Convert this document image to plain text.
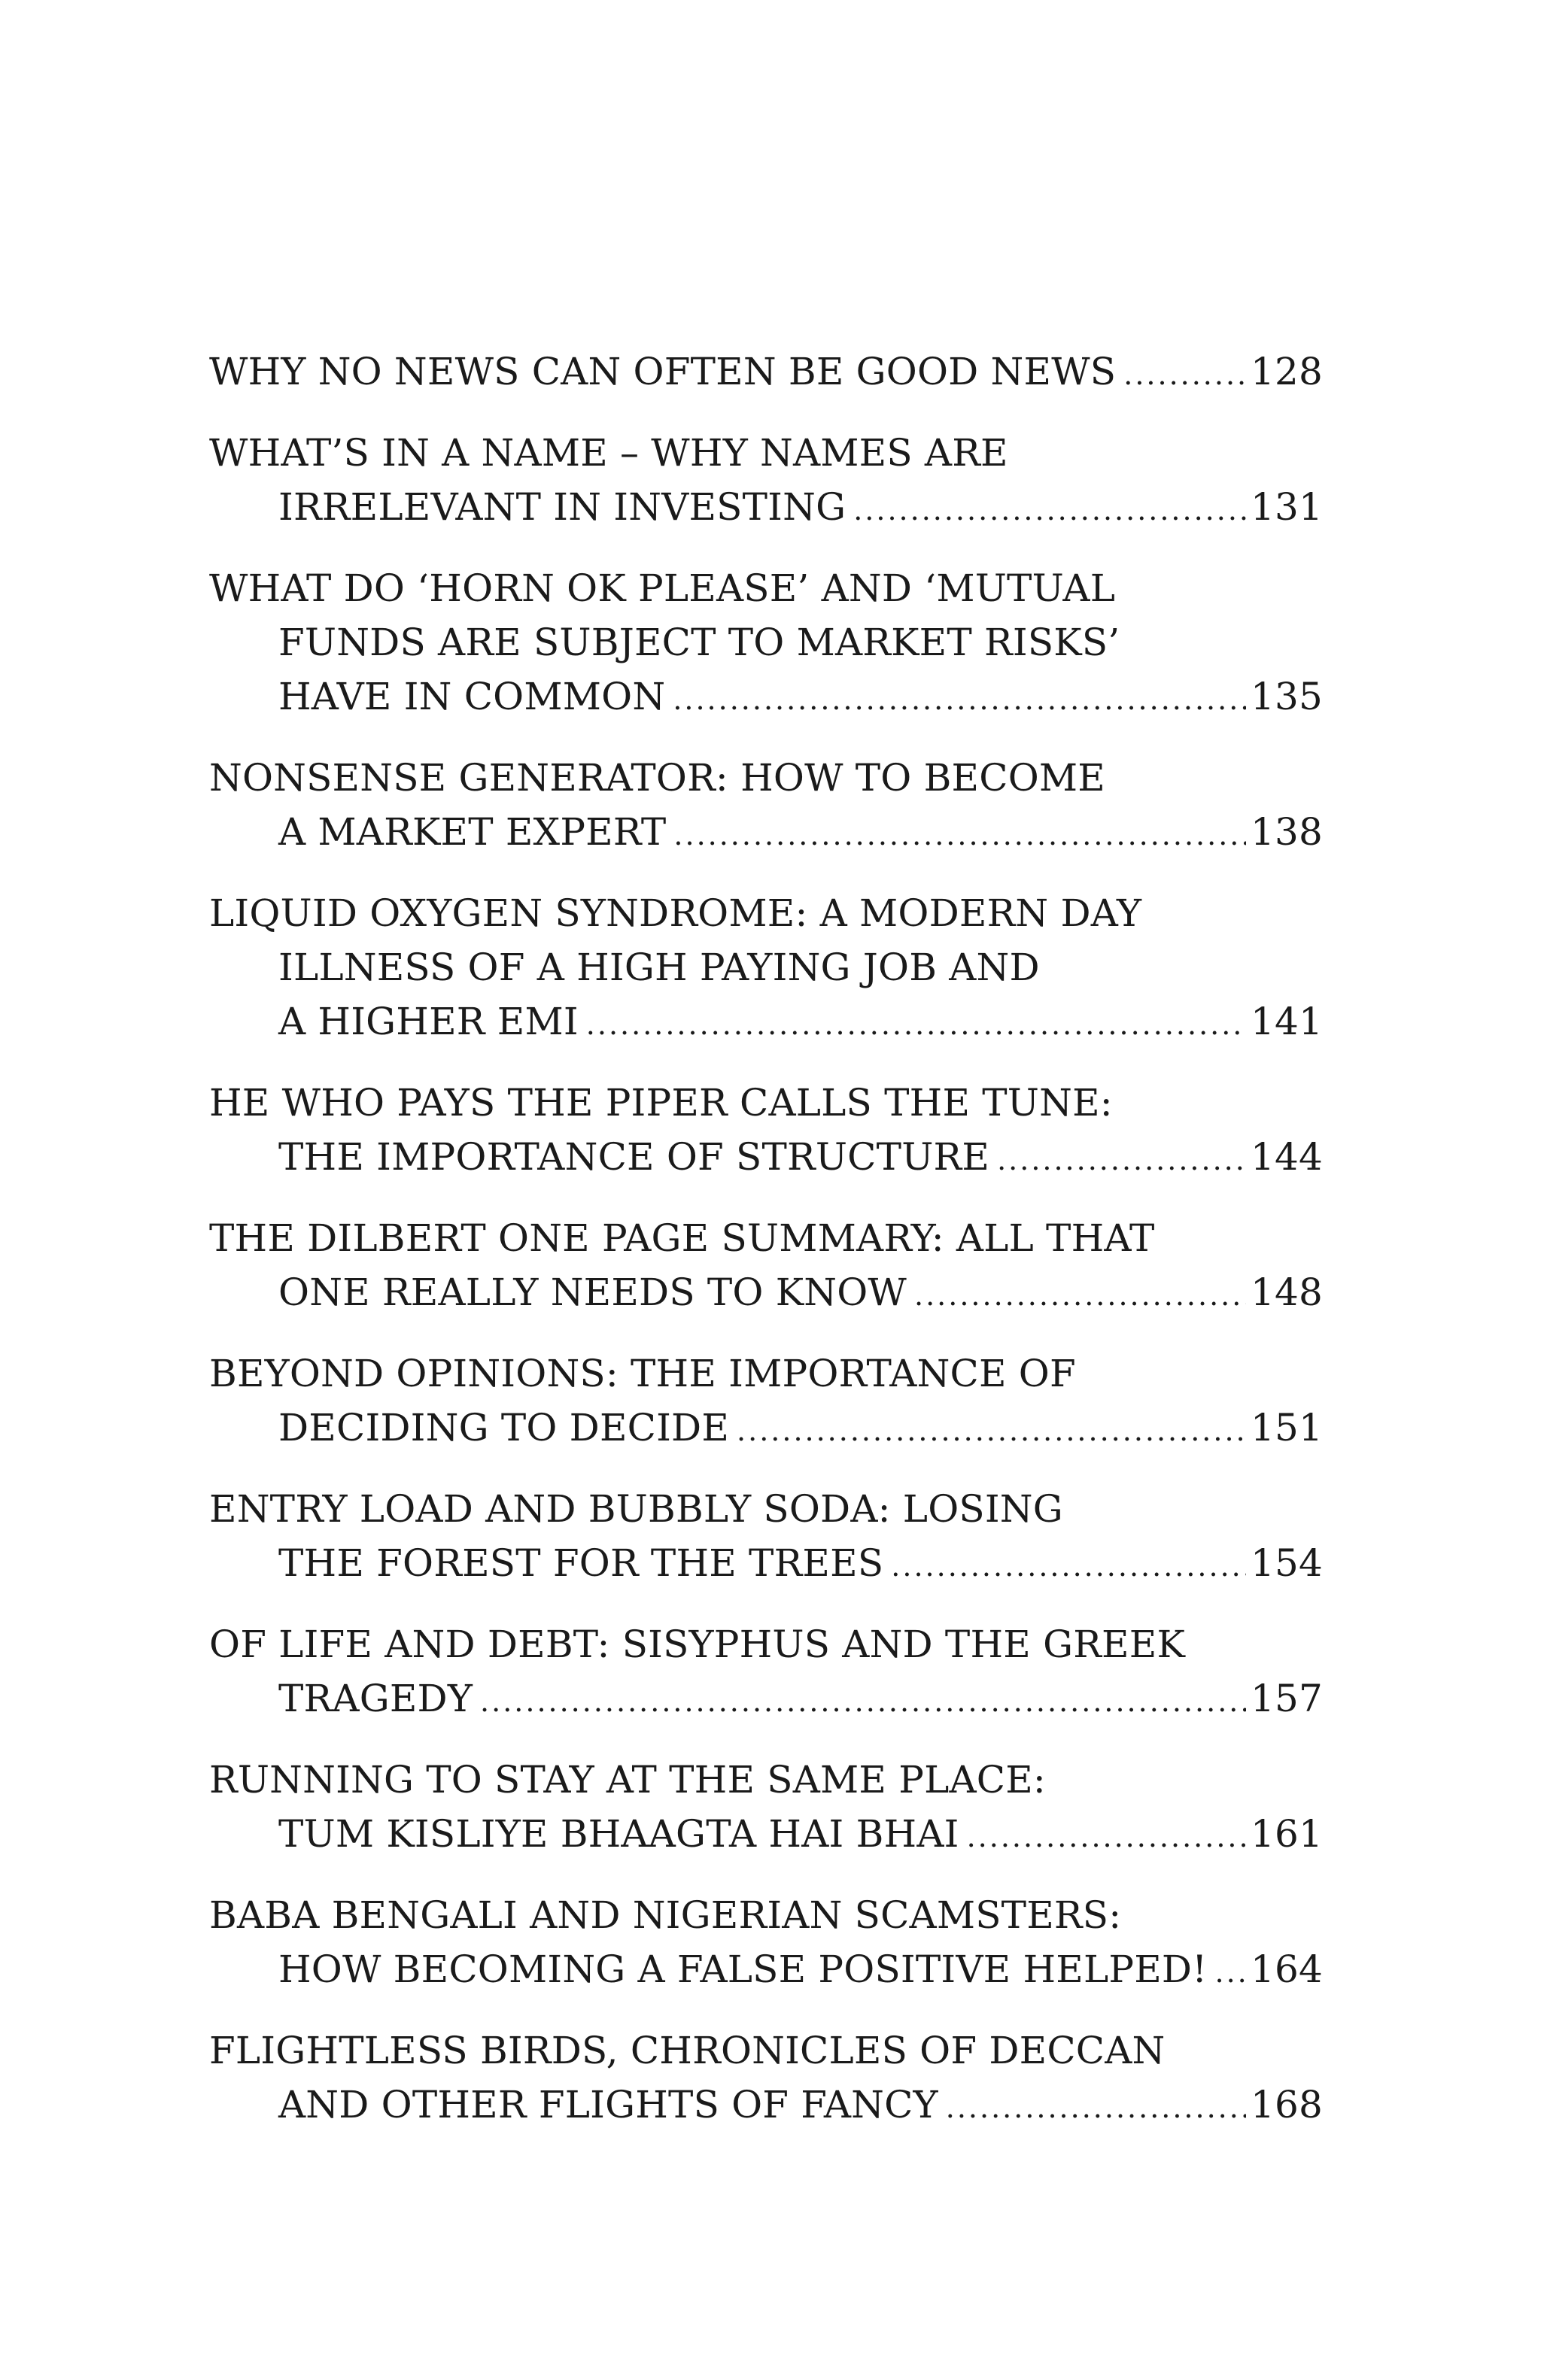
WHY NO NEWS CAN OFTEN BE GOOD NEWS .....	128
WHAT’S IN A NAME – WHY NAMES ARE
IRRELEVANT IN INVESTING .....	131
WHAT DO ‘HORN OK PLEASE’ AND ‘MUTUAL
FUNDS ARE SUBJECT TO MARKET RISKS’
HAVE IN COMMON .....	135
NONSENSE GENERATOR: HOW TO BECOME
A MARKET EXPERT .....	138
LIQUID OXYGEN SYNDROME: A MODERN DAY
ILLNESS OF A HIGH PAYING JOB AND
A HIGHER EMI .....	141
HE WHO PAYS THE PIPER CALLS THE TUNE:
THE IMPORTANCE OF STRUCTURE .....	144
THE DILBERT ONE PAGE SUMMARY: ALL THAT
ONE REALLY NEEDS TO KNOW .....	148
BEYOND OPINIONS: THE IMPORTANCE OF
DECIDING TO DECIDE .....	151
ENTRY LOAD AND BUBBLY SODA: LOSING
THE FOREST FOR THE TREES .....	154
OF LIFE AND DEBT: SISYPHUS AND THE GREEK
TRAGEDY .....	157
RUNNING TO STAY AT THE SAME PLACE:
TUM KISLIYE BHAAGTA HAI BHAI .....	161
BABA BENGALI AND NIGERIAN SCAMSTERS:
HOW BECOMING A FALSE POSITIVE HELPED! ..... 164
FLIGHTLESS BIRDS, CHRONICLES OF DECCAN
AND OTHER FLIGHTS OF FANCY .....	168
